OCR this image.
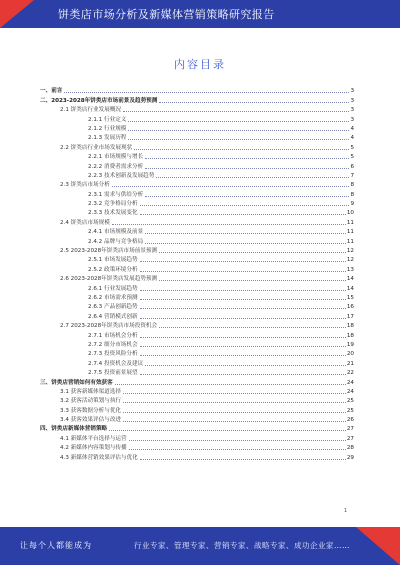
饼类店市场分析及新媒体营销策略研究报告
内容目录
一、前言	3
二、2023-2028年饼类店市场前景及趋势预测	3
2.1 饼类店行业发展概况	3
2.1.1 行业定义	3
2.1.2 行业规模	4
2.1.3 发展历程	4
2.2 饼类店行业市场发展现状	5
2.2.1 市场规模与增长	5
2.2.2 消费者需求分析	6
2.2.3 技术创新及发展趋势	7
2.3 饼类店市场分析	8
2.3.1 需求与供给分析	8
2.3.2 竞争格局分析	9
2.3.3 技术发展变化	10
2.4 饼类店市场规模	11
2.4.1 市场规模及前景	11
2.4.2 品牌与竞争格局	11
2.5 2023-2028年饼类店市场前景预测	12
2.5.1 市场发展趋势	12
2.5.2 政策环境分析	13
2.6 2023-2028年饼类店发展趋势预测	14
2.6.1 行业发展趋势	14
2.6.2 市场需求预测	15
2.6.3 产品创新趋势	16
2.6.4 营销模式创新	17
2.7 2023-2028年饼类店市场投资机会	18
2.7.1 市场机会分析	18
2.7.2 细分市场机会	19
2.7.3 投资风险分析	20
2.7.4 投资机会及建议	21
2.7.5 投资前景展望	22
三、饼类店营销如何有效获客	24
3.1 获客新媒体渠道选择	24
3.2 获客活动策划与执行	25
3.3 获客数据分析与优化	25
3.4 获客效果评估与改进	26
四、饼类店新媒体营销策略	27
4.1 新媒体平台选择与运营	27
4.2 新媒体内容策划与传播	28
4.3 新媒体营销效果评估与优化	29
1
让每个人都能成为	行业专家、管理专家、营销专家、战略专家、成功企业家……
